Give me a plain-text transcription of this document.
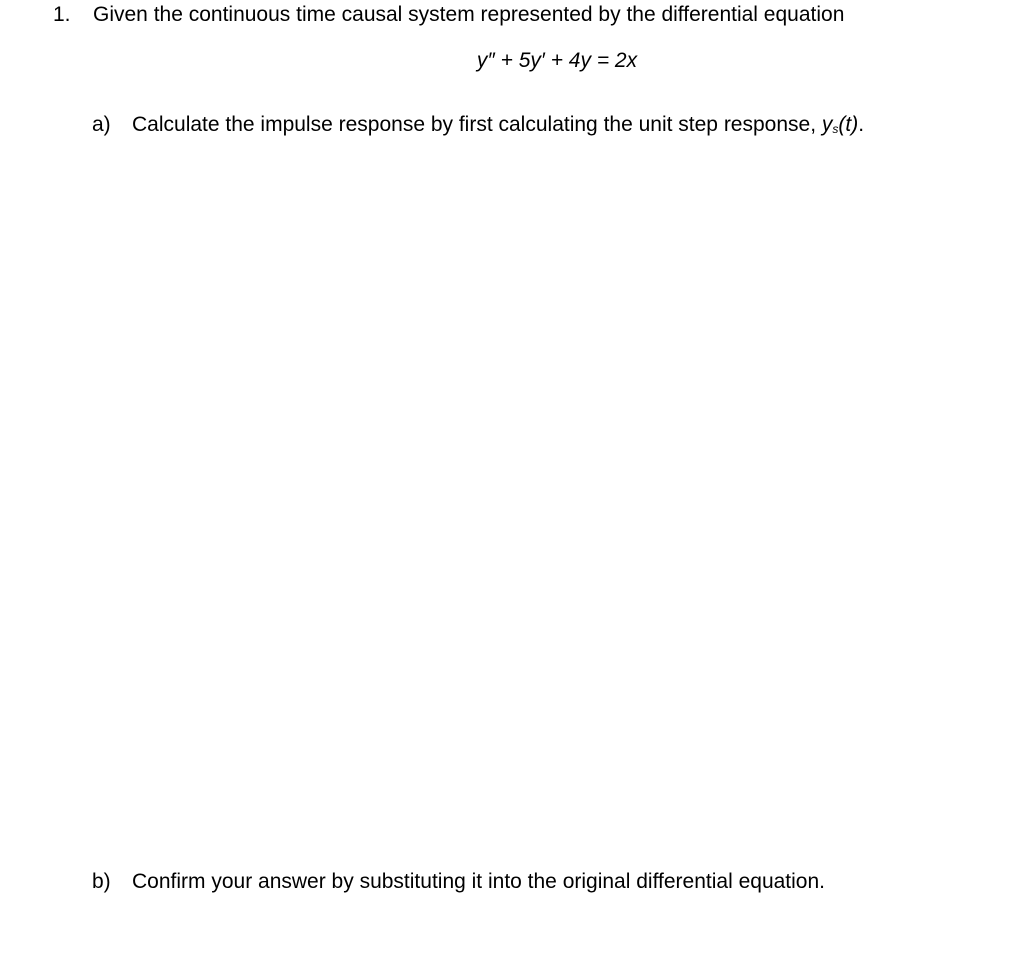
1. Given the continuous time causal system represented by the differential equation
y″ + 5y′ + 4y = 2x
a) Calculate the impulse response by first calculating the unit step response, ys(t).
b) Confirm your answer by substituting it into the original differential equation.
